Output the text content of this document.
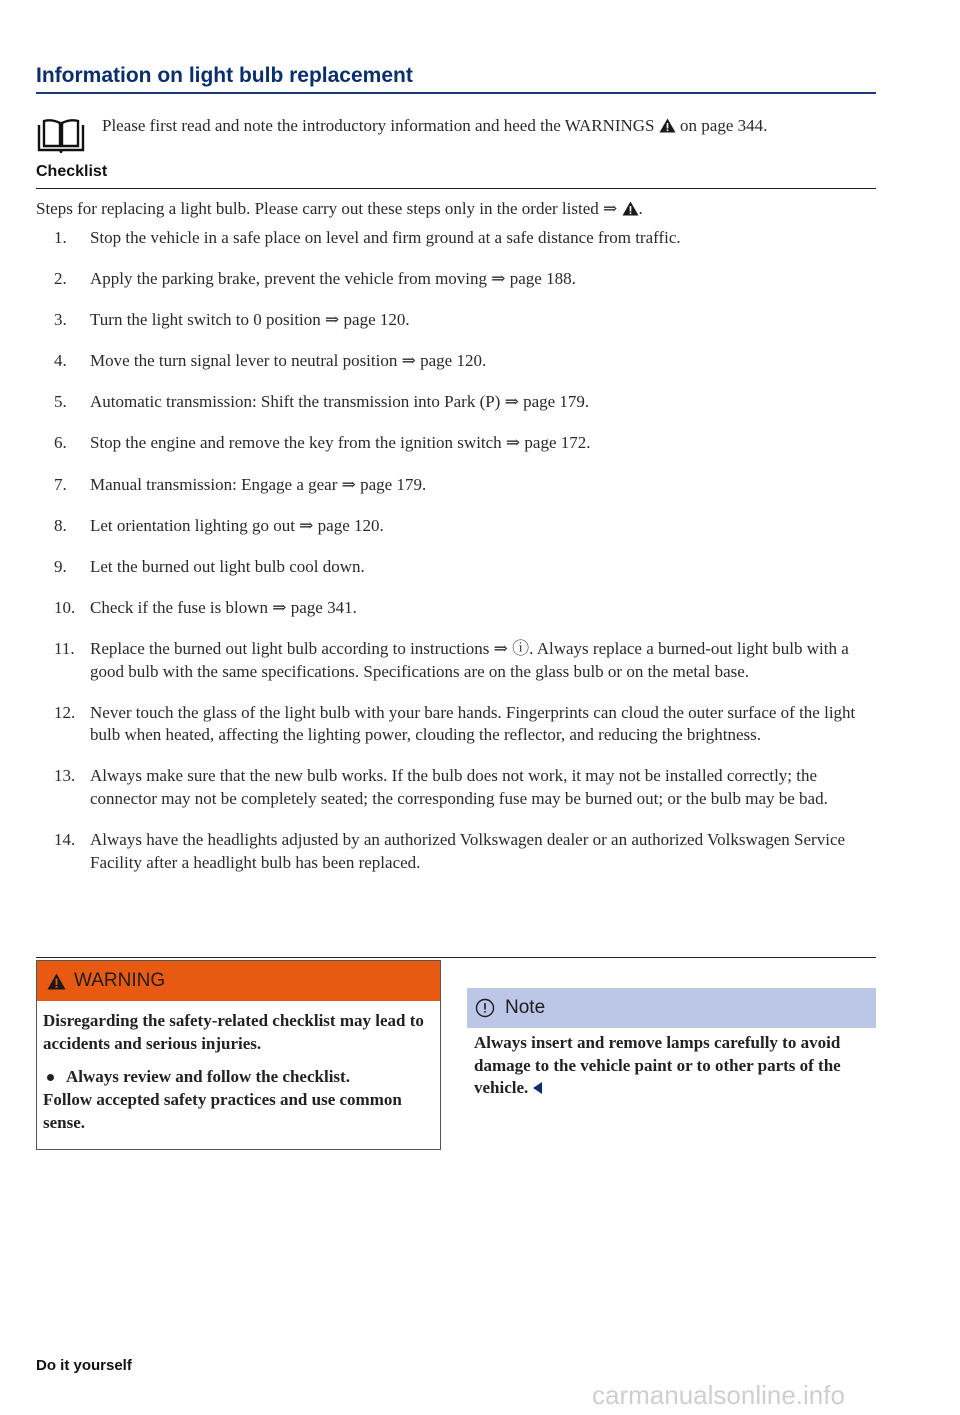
Information on light bulb replacement
Please first read and note the introductory information and heed the WARNINGS on page 344.
Checklist
Steps for replacing a light bulb. Please carry out these steps only in the order listed ⇒ .
1. Stop the vehicle in a safe place on level and firm ground at a safe distance from traffic.
2. Apply the parking brake, prevent the vehicle from moving ⇒ page 188.
3. Turn the light switch to 0 position ⇒ page 120.
4. Move the turn signal lever to neutral position ⇒ page 120.
5. Automatic transmission: Shift the transmission into Park (P) ⇒ page 179.
6. Stop the engine and remove the key from the ignition switch ⇒ page 172.
7. Manual transmission: Engage a gear ⇒ page 179.
8. Let orientation lighting go out ⇒ page 120.
9. Let the burned out light bulb cool down.
10. Check if the fuse is blown ⇒ page 341.
11. Replace the burned out light bulb according to instructions ⇒ ⓘ. Always replace a burned-out light bulb with a good bulb with the same specifications. Specifications are on the glass bulb or on the metal base.
12. Never touch the glass of the light bulb with your bare hands. Fingerprints can cloud the outer surface of the light bulb when heated, affecting the lighting power, clouding the reflector, and reducing the brightness.
13. Always make sure that the new bulb works. If the bulb does not work, it may not be installed correctly; the connector may not be completely seated; the corresponding fuse may be burned out; or the bulb may be bad.
14. Always have the headlights adjusted by an authorized Volkswagen dealer or an authorized Volkswagen Service Facility after a headlight bulb has been replaced.
WARNING

Disregarding the safety-related checklist may lead to accidents and serious injuries.

Always review and follow the checklist.

Follow accepted safety practices and use common sense.

Note
Always insert and remove lamps carefully to avoid damage to the vehicle paint or to other parts of the vehicle.
Do it yourself
carmanualsonline.info
